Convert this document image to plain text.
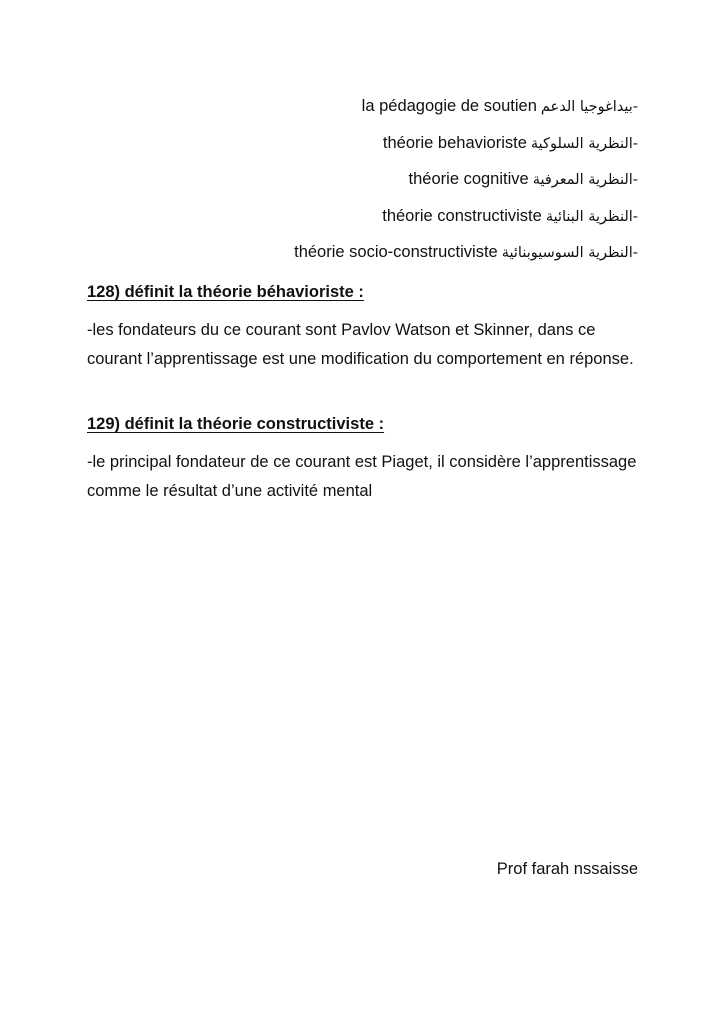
la pédagogie de soutien -بيداغوجيا الدعم
théorie behavioriste -النظرية السلوكية
théorie cognitive -النظرية المعرفية
théorie constructiviste -النظرية البنائية
théorie socio-constructiviste -النظرية السوسيوبنائية

128) définit la théorie béhavioriste :

-les fondateurs du ce courant sont Pavlov Watson et Skinner, dans ce courant l’apprentissage est une modification du comportement en réponse.

129) définit la théorie constructiviste :

-le principal fondateur de ce courant est Piaget, il considère l’apprentissage comme le résultat d’une activité mental

Prof farah nssaisse
